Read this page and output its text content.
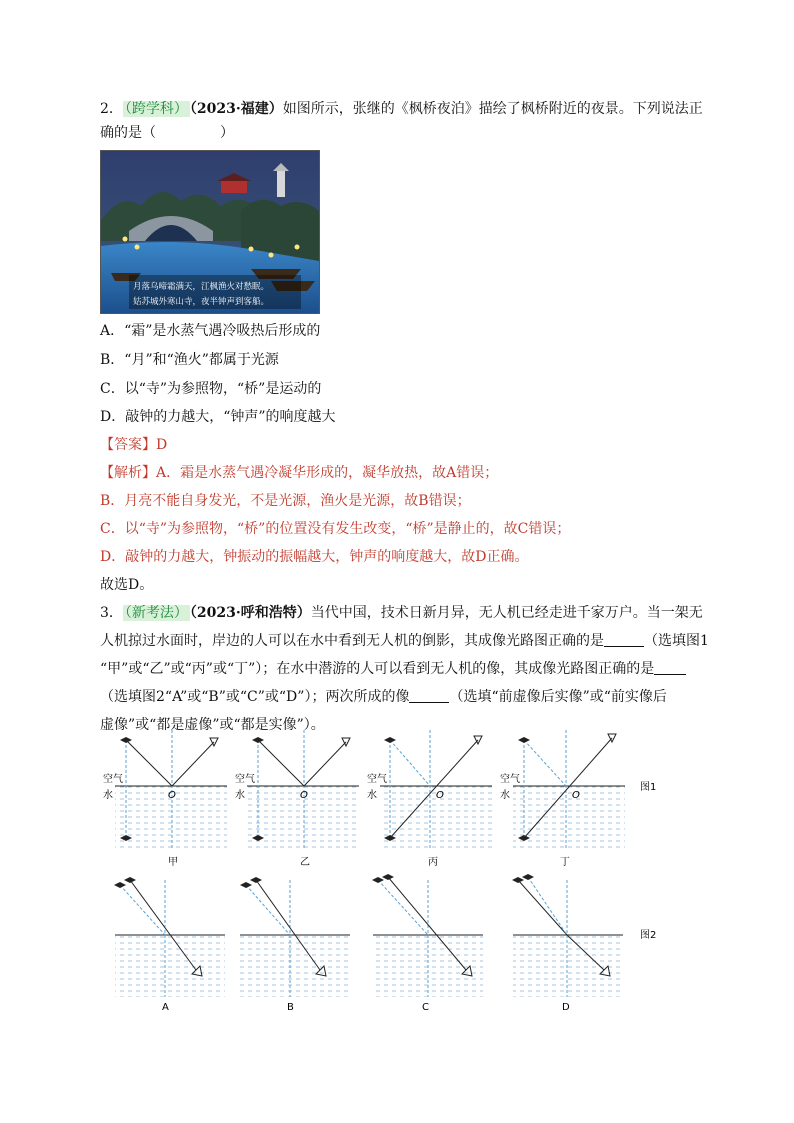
2． （跨学科） （2023·福建）如图所示，张继的《枫桥夜泊》描绘了枫桥附近的夜景。下列说法正
确的是（	）
月落乌啼霜满天，江枫渔火对愁眠。
姑苏城外寒山寺，夜半钟声到客船。
A．“霜”是水蒸气遇冷吸热后形成的
B．“月”和“渔火”都属于光源
C．以“寺”为参照物，“桥”是运动的
D．敲钟的力越大，“钟声”的响度越大
【答案】D
【解析】A．霜是水蒸气遇冷凝华形成的，凝华放热，故A错误；
B．月亮不能自身发光，不是光源，渔火是光源，故B错误；
C．以“寺”为参照物，“桥”的位置没有发生改变，“桥”是静止的，故C错误；
D．敲钟的力越大，钟振动的振幅越大，钟声的响度越大，故D正确。
故选D。
3． （新考法） （2023·呼和浩特）当代中国，技术日新月异，无人机已经走进千家万户。当一架无
人机掠过水面时，岸边的人可以在水中看到无人机的倒影，其成像光路图正确的是	（选填图1
“甲”或“乙”或“丙”或“丁”）；在水中潜游的人可以看到无人机的像，其成像光路图正确的是
（选填图2“A”或“B”或“C”或“D”）；两次所成的像	（选填“前虚像后实像”或“前实像后
虚像”或“都是虚像”或“都是实像”）。
O
空气
水
甲
O
空气
水
乙
O
空气
水
丙
O
空气
水
丁
图1
A	B	C	D
图2
